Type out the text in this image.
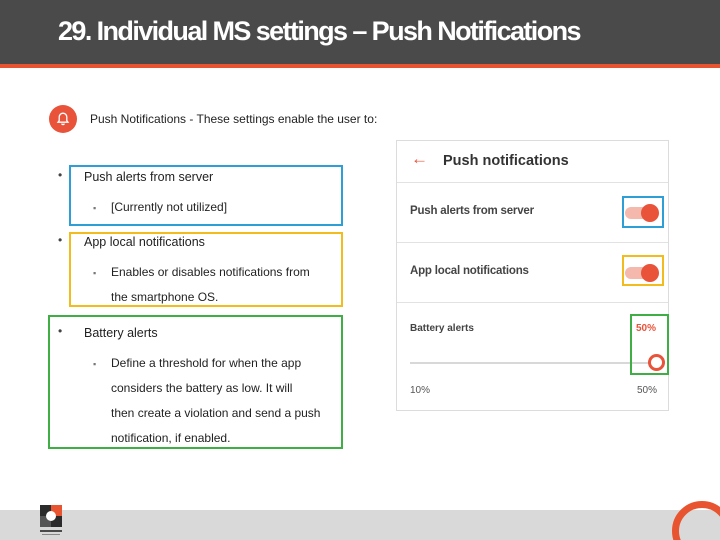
29. Individual MS settings – Push Notifications
Push Notifications - These settings enable the user to:
• Push alerts from server
▪ [Currently not utilized]
• App local notifications
▪ Enables or disables notifications from
the smartphone OS.
• Battery alerts
▪ Define a threshold for when the app
considers the battery as low. It will
then create a violation and send a push
notification, if enabled.
← Push notifications
Push alerts from server
App local notifications
Battery alerts	50%
10%	50%
